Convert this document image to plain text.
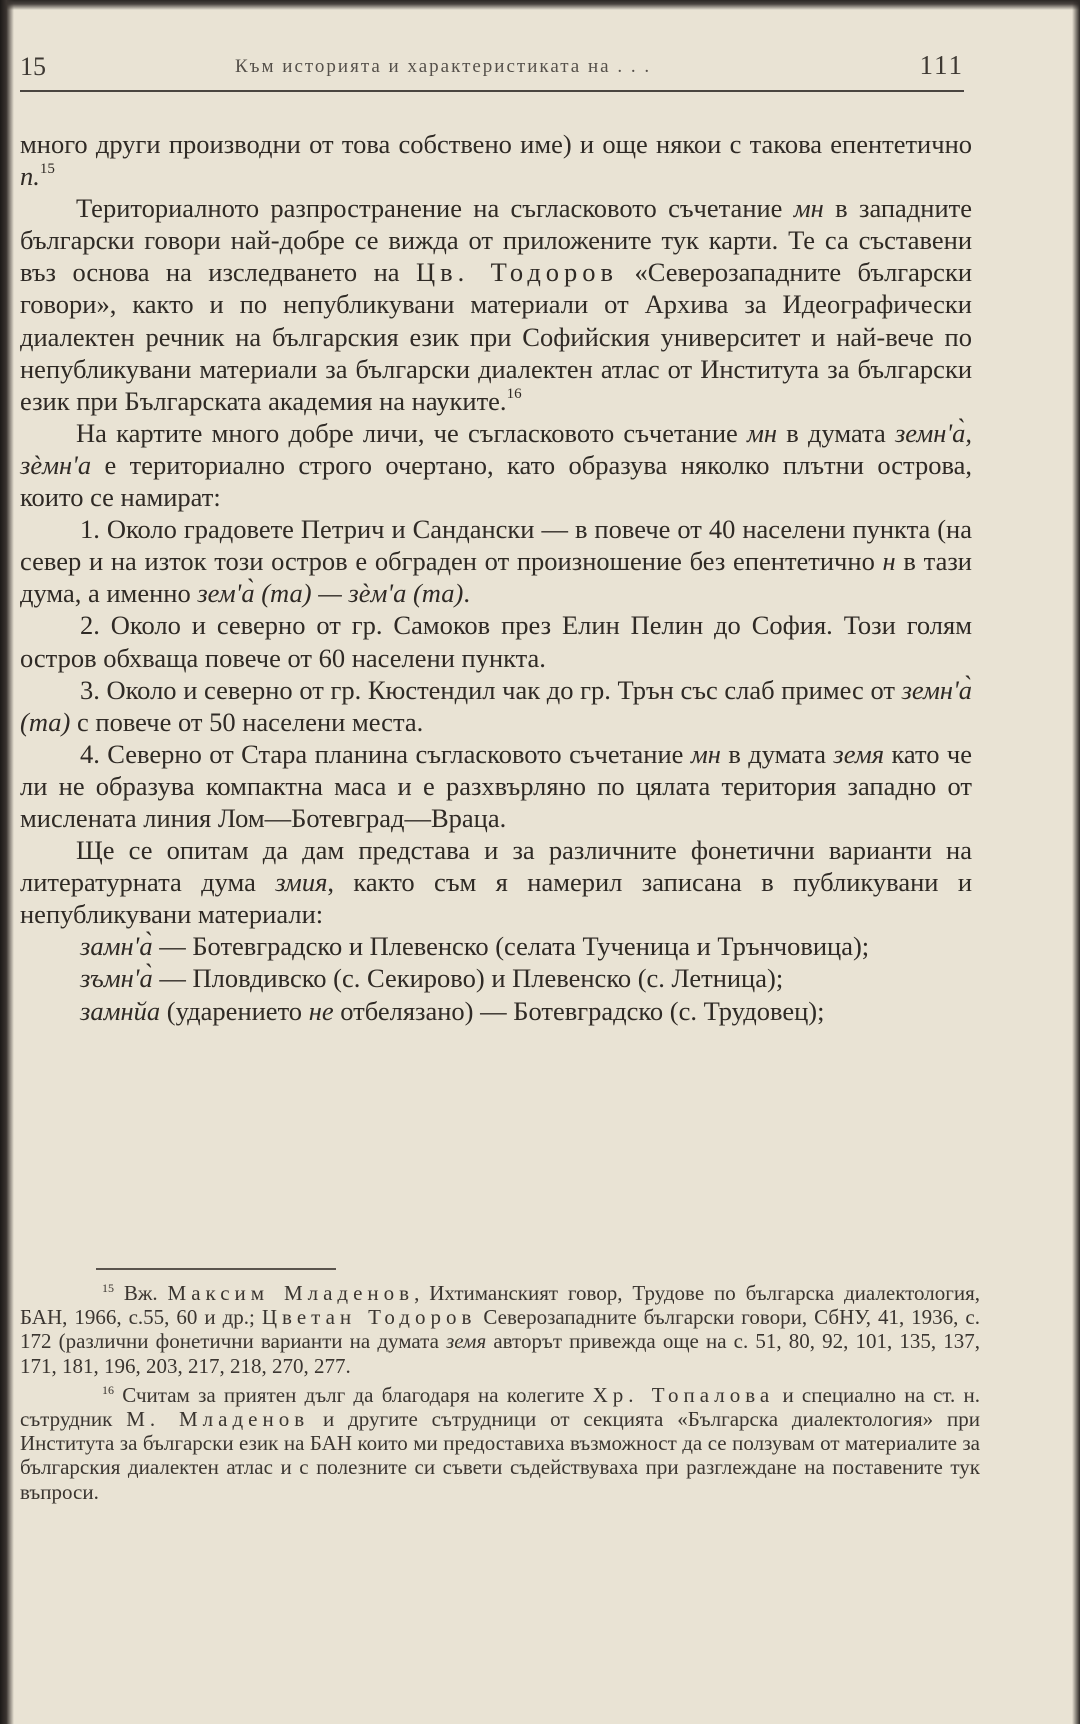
15	Към историята и характеристиката на . . .	111

много други производни от това собствено име) и още някои с такова епентетично п.$^{15}$

Териториалното разпространение на съгласковото съчетание мн в западните български говори най-добре се вижда от приложените тук карти. Те са съставени въз основа на изследването на Цв. Тодоров «Северозападните български говори», както и по непубликувани материали от Архива за Идеографически диалектен речник на българския език при Софийския университет и най-вече по непубликувани материали за български диалектен атлас от Института за български език при Българската академия на науките.$^{16}$

На картите много добре личи, че съгласковото съчетание мн в думата земн'а̀, зѐмн'а е териториално строго очертано, като образува няколко плътни острова, които се намират:

1. Около градовете Петрич и Сандански — в повече от 40 населени пункта (на север и на изток този остров е обграден от произношение без епентетично н в тази дума, а именно зем'а̀ (та) — зѐм'а (та).

2. Около и северно от гр. Самоков през Елин Пелин до София. Този голям остров обхваща повече от 60 населени пункта.

3. Около и северно от гр. Кюстендил чак до гр. Трън със слаб примес от земн'а̀ (та) с повече от 50 населени места.

4. Северно от Стара планина съгласковото съчетание мн в думата земя като че ли не образува компактна маса и е разхвърляно по цялата територия западно от мислената линия Лом—Ботевград—Враца.

Ще се опитам да дам представа и за различните фонетични варианти на литературната дума змия, както съм я намерил записана в публикувани и непубликувани материали:

замн'а̀ — Ботевградско и Плевенско (селата Тученица и Трънчовица);

зъмн'а̀ — Пловдивско (с. Секирово) и Плевенско (с. Летница);

замнйа (ударението не отбелязано) — Ботевградско (с. Трудовец);

$^{15}$ Вж. Максим Младенов, Ихтиманският говор, Трудове по българска диалектология, БАН, 1966, с.55, 60 и др.; Цветан Тодоров Северозападните български говори, СбНУ, 41, 1936, с. 172 (различни фонетични варианти на думата земя авторът привежда още на с. 51, 80, 92, 101, 135, 137, 171, 181, 196, 203, 217, 218, 270, 277.

$^{16}$ Считам за приятен дълг да благодаря на колегите Хр. Топалова и специално на ст. н. сътрудник М. Младенов и другите сътрудници от секцията «Българска диалектология» при Института за български език на БАН които ми предоставиха възможност да се ползувам от материалите за българския диалектен атлас и с полезните си съвети съдействуваха при разглеждане на поставените тук въпроси.
